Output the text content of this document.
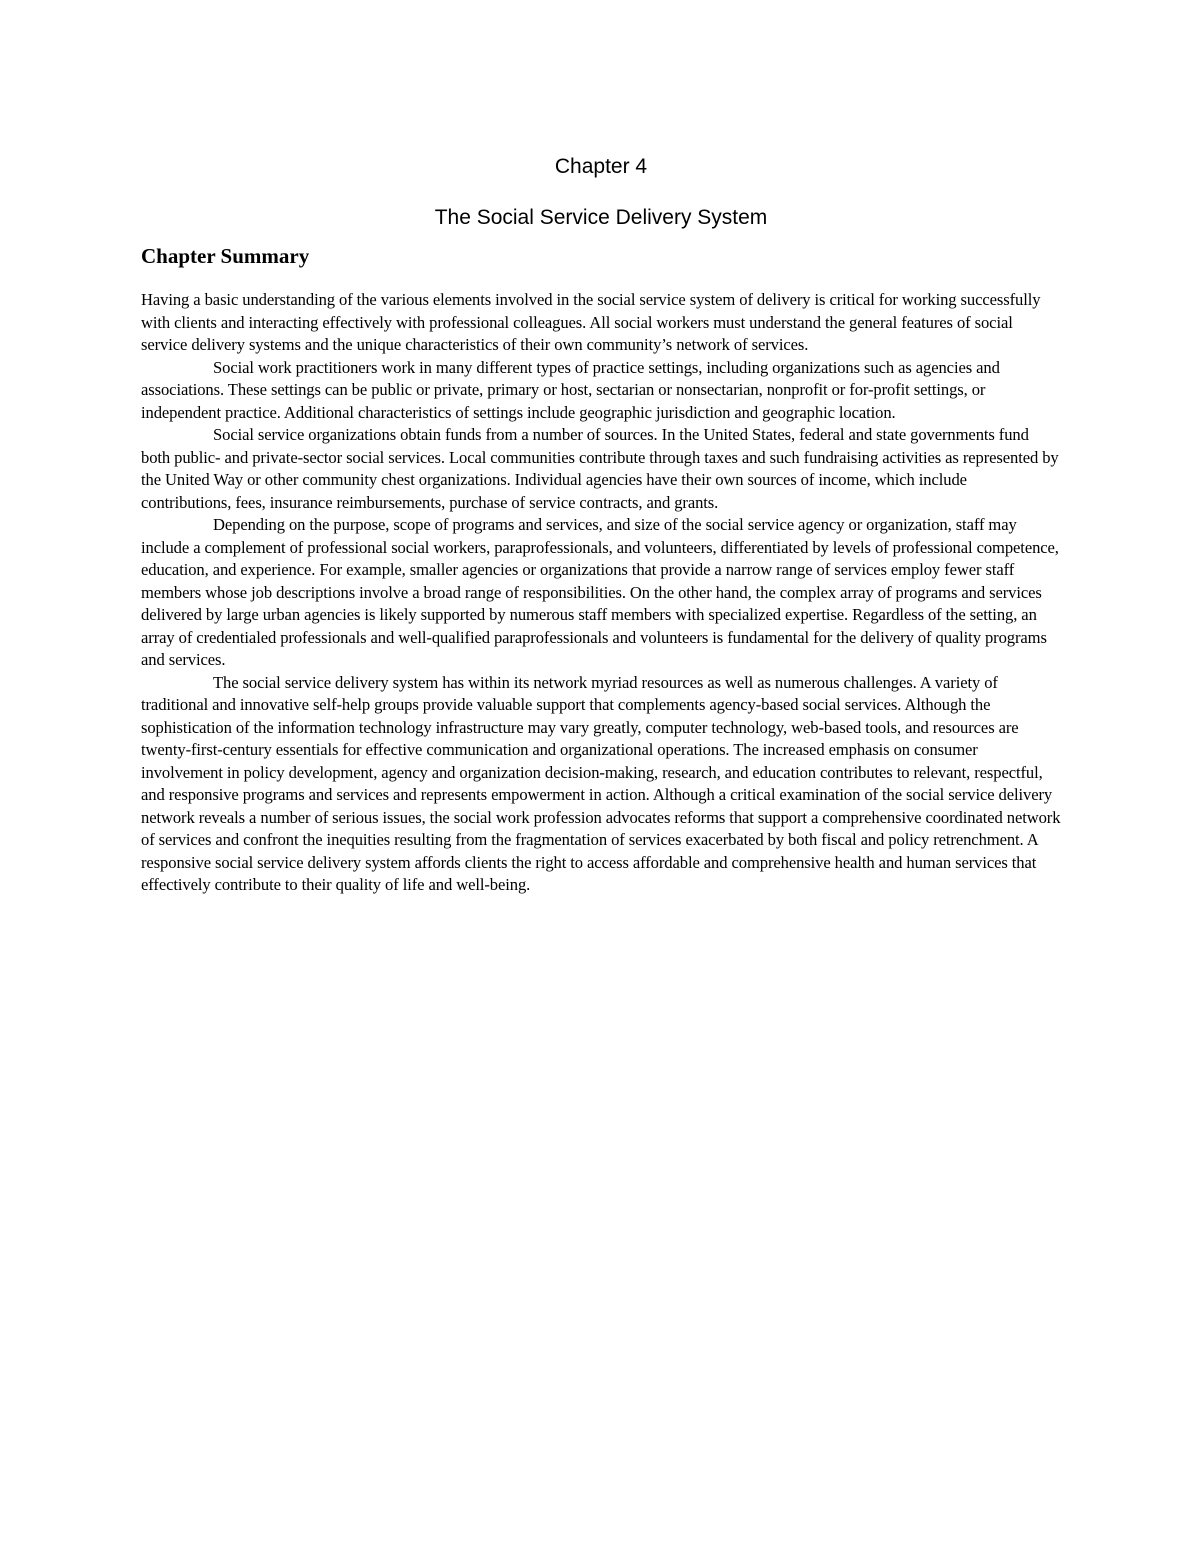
Chapter 4
The Social Service Delivery System
Chapter Summary

Having a basic understanding of the various elements involved in the social service system of delivery is critical for working successfully with clients and interacting effectively with professional colleagues. All social workers must understand the general features of social service delivery systems and the unique characteristics of their own community’s network of services.

Social work practitioners work in many different types of practice settings, including organizations such as agencies and associations. These settings can be public or private, primary or host, sectarian or nonsectarian, nonprofit or for-profit settings, or independent practice. Additional characteristics of settings include geographic jurisdiction and geographic location.

Social service organizations obtain funds from a number of sources. In the United States, federal and state governments fund both public- and private-sector social services. Local communities contribute through taxes and such fundraising activities as represented by the United Way or other community chest organizations. Individual agencies have their own sources of income, which include contributions, fees, insurance reimbursements, purchase of service contracts, and grants.

Depending on the purpose, scope of programs and services, and size of the social service agency or organization, staff may include a complement of professional social workers, paraprofessionals, and volunteers, differentiated by levels of professional competence, education, and experience. For example, smaller agencies or organizations that provide a narrow range of services employ fewer staff members whose job descriptions involve a broad range of responsibilities. On the other hand, the complex array of programs and services delivered by large urban agencies is likely supported by numerous staff members with specialized expertise. Regardless of the setting, an array of credentialed professionals and well-qualified paraprofessionals and volunteers is fundamental for the delivery of quality programs and services.

The social service delivery system has within its network myriad resources as well as numerous challenges. A variety of traditional and innovative self-help groups provide valuable support that complements agency-based social services. Although the sophistication of the information technology infrastructure may vary greatly, computer technology, web-based tools, and resources are twenty-first-century essentials for effective communication and organizational operations. The increased emphasis on consumer involvement in policy development, agency and organization decision-making, research, and education contributes to relevant, respectful, and responsive programs and services and represents empowerment in action. Although a critical examination of the social service delivery network reveals a number of serious issues, the social work profession advocates reforms that support a comprehensive coordinated network of services and confront the inequities resulting from the fragmentation of services exacerbated by both fiscal and policy retrenchment. A responsive social service delivery system affords clients the right to access affordable and comprehensive health and human services that effectively contribute to their quality of life and well-being.
